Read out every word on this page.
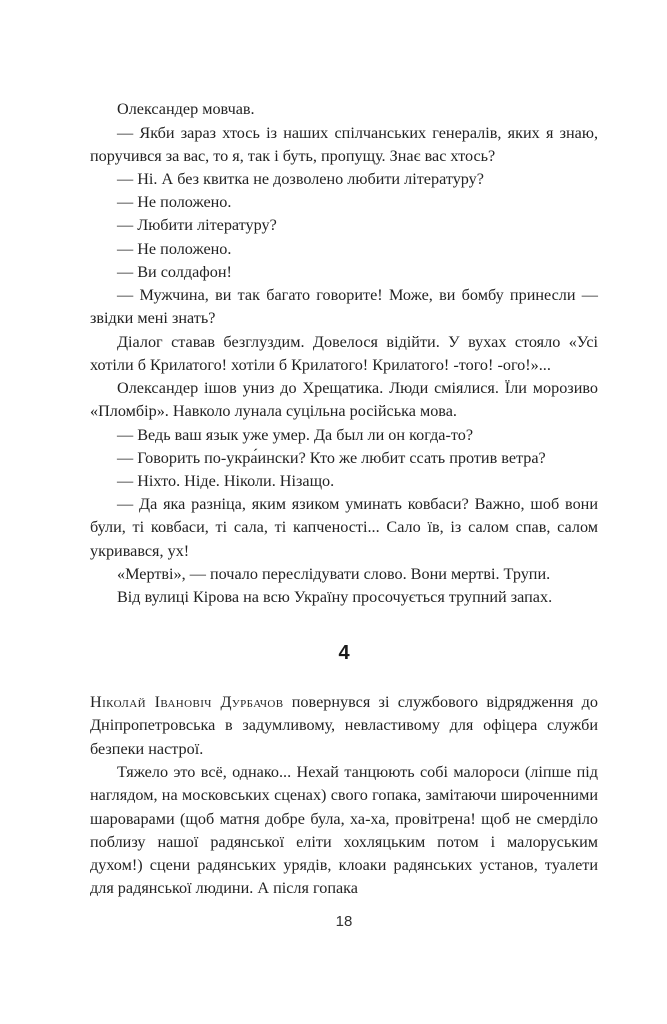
Олександер мовчав.

— Якби зараз хтось із наших спілчанських генералів, яких я знаю, поручився за вас, то я, так і буть, пропущу. Знає вас хтось?

— Ні. А без квитка не дозволено любити літературу?

— Не положено.

— Любити літературу?

— Не положено.

— Ви солдафон!

— Мужчина, ви так багато говорите! Може, ви бомбу принесли — звідки мені знать?

Діалог ставав безглуздим. Довелося відійти. У вухах стояло «Усі хотіли б Крилатого! хотіли б Крилатого! Крилатого! -того! -ого!»...

Олександер ішов униз до Хрещатика. Люди сміялися. Їли морозиво «Пломбір». Навколо лунала суцільна російська мова.

— Ведь ваш язык уже умер. Да был ли он когда-то?

— Говорить по-укра́ински? Кто же любит ссать против ветра?

— Ніхто. Ніде. Ніколи. Нізащо.

— Да яка разніца, яким язиком уминать ковбаси? Важно, шоб вони були, ті ковбаси, ті сала, ті капченості... Сало їв, із салом спав, салом укривався, ух!

«Мертві», — почало переслідувати слово. Вони мертві. Трупи.

Від вулиці Кірова на всю Україну просочується трупний запах.

4

Ніколай Івановіч Дурбачов повернувся зі службового відрядження до Дніпропетровська в задумливому, невластивому для офіцера служби безпеки настрої.

Тяжело это всё, однако... Нехай танцюють собі малороси (ліпше під наглядом, на московських сценах) свого гопака, замітаючи широченними шароварами (щоб матня добре була, ха-ха, провітрена! щоб не смерділо поблизу нашої радянської еліти хохляцьким потом і малоруським духом!) сцени радянських урядів, клоаки радянських установ, туалети для радянської людини. А після гопака

18
